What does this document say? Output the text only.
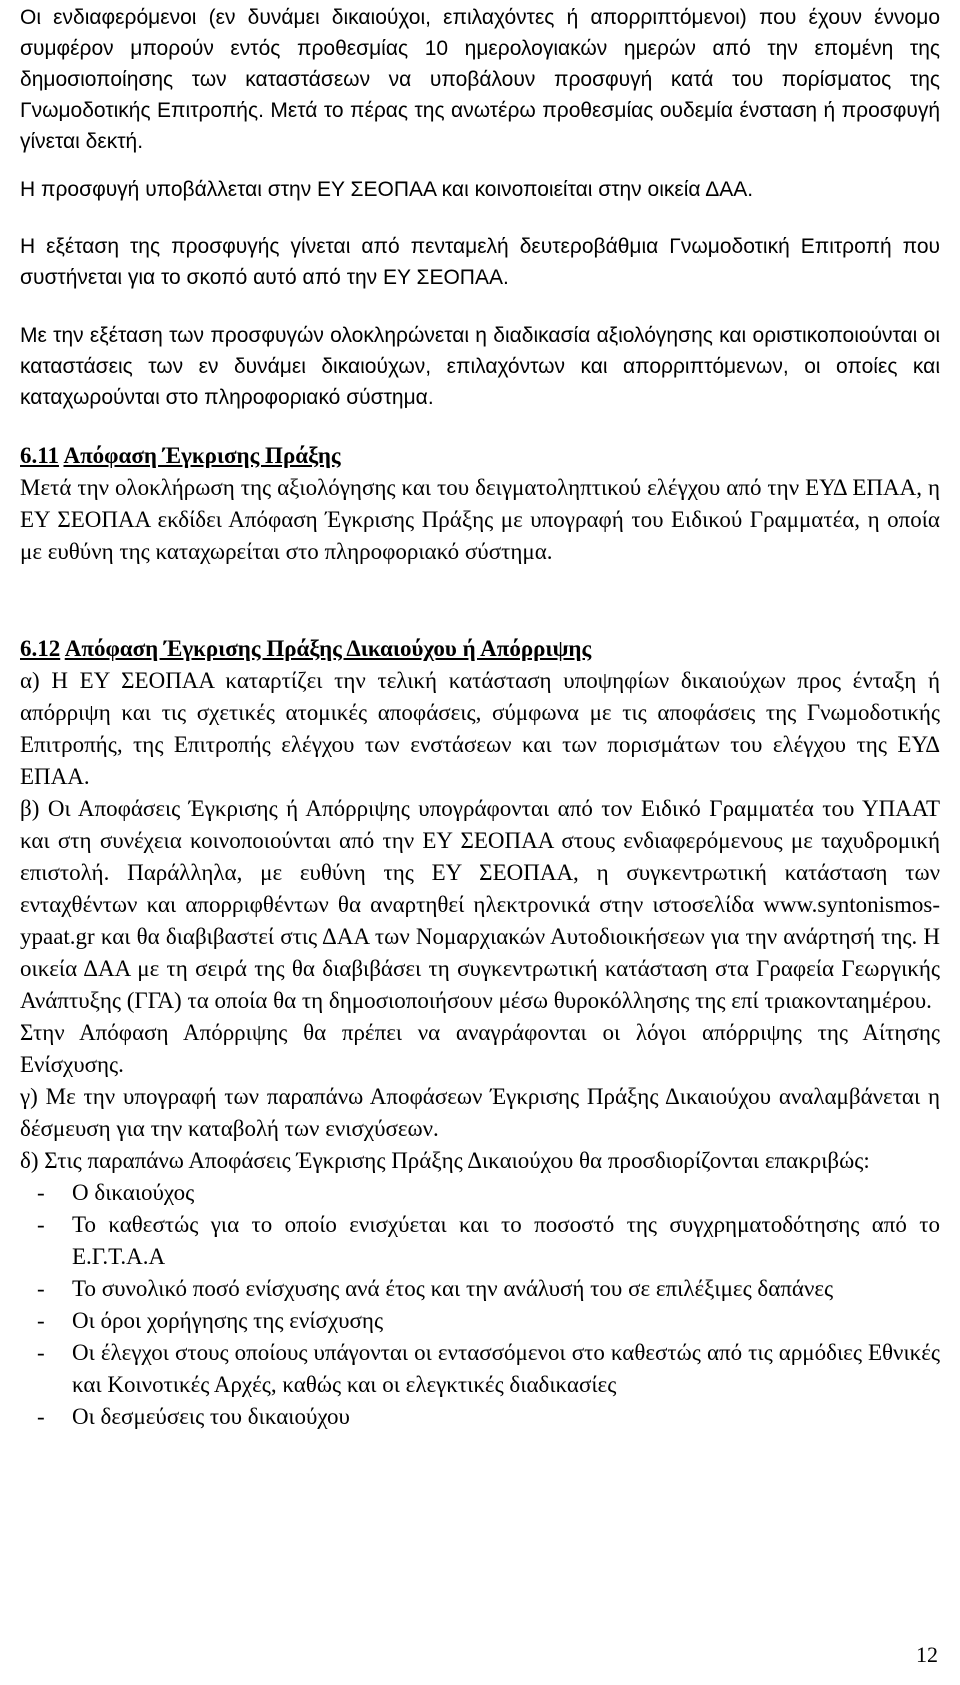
Οι ενδιαφερόμενοι (εν δυνάμει δικαιούχοι, επιλαχόντες ή απορριπτόμενοι) που έχουν έννομο συμφέρον μπορούν εντός προθεσμίας 10 ημερολογιακών ημερών από την επομένη της δημοσιοποίησης των καταστάσεων να υποβάλουν προσφυγή κατά του πορίσματος της Γνωμοδοτικής Επιτροπής. Μετά το πέρας της ανωτέρω προθεσμίας ουδεμία ένσταση ή προσφυγή γίνεται δεκτή.

Η προσφυγή υποβάλλεται στην ΕΥ ΣΕΟΠΑΑ και κοινοποιείται στην οικεία ΔΑΑ.

Η εξέταση της προσφυγής γίνεται από πενταμελή δευτεροβάθμια Γνωμοδοτική Επιτροπή που συστήνεται για το σκοπό αυτό από την ΕΥ ΣΕΟΠΑΑ.

Με την εξέταση των προσφυγών ολοκληρώνεται η διαδικασία αξιολόγησης και οριστικοποιούνται οι καταστάσεις των εν δυνάμει δικαιούχων, επιλαχόντων και απορριπτόμενων, οι οποίες και καταχωρούνται στο πληροφοριακό σύστημα.

6.11 Απόφαση Έγκρισης Πράξης

Μετά την ολοκλήρωση της αξιολόγησης και του δειγματοληπτικού ελέγχου από την ΕΥΔ ΕΠΑΑ, η ΕΥ ΣΕΟΠΑΑ εκδίδει Απόφαση Έγκρισης Πράξης με υπογραφή του Ειδικού Γραμματέα, η οποία με ευθύνη της καταχωρείται στο πληροφοριακό σύστημα.

6.12 Απόφαση Έγκρισης Πράξης Δικαιούχου ή Απόρριψης

α) Η ΕΥ ΣΕΟΠΑΑ καταρτίζει την τελική κατάσταση υποψηφίων δικαιούχων προς ένταξη ή απόρριψη και τις σχετικές ατομικές αποφάσεις, σύμφωνα με τις αποφάσεις της Γνωμοδοτικής Επιτροπής, της Επιτροπής ελέγχου των ενστάσεων και των πορισμάτων του ελέγχου της ΕΥΔ ΕΠΑΑ.

β) Οι Αποφάσεις Έγκρισης ή Απόρριψης υπογράφονται από τον Ειδικό Γραμματέα του ΥΠΑΑΤ και στη συνέχεια κοινοποιούνται από την ΕΥ ΣΕΟΠΑΑ στους ενδιαφερόμενους με ταχυδρομική επιστολή. Παράλληλα, με ευθύνη της ΕΥ ΣΕΟΠΑΑ, η συγκεντρωτική κατάσταση των ενταχθέντων και απορριφθέντων θα αναρτηθεί ηλεκτρονικά στην ιστοσελίδα www.syntonismos-ypaat.gr και θα διαβιβαστεί στις ΔΑΑ των Νομαρχιακών Αυτοδιοικήσεων για την ανάρτησή της. Η οικεία ΔΑΑ με τη σειρά της θα διαβιβάσει τη συγκεντρωτική κατάσταση στα Γραφεία Γεωργικής Ανάπτυξης (ΓΓΑ) τα οποία θα τη δημοσιοποιήσουν μέσω θυροκόλλησης της επί τριακονταημέρου.

Στην Απόφαση Απόρριψης θα πρέπει να αναγράφονται οι λόγοι απόρριψης της Αίτησης Ενίσχυσης.

γ) Με την υπογραφή των παραπάνω Αποφάσεων Έγκρισης Πράξης Δικαιούχου αναλαμβάνεται η δέσμευση για την καταβολή των ενισχύσεων.

δ) Στις παραπάνω Αποφάσεις Έγκρισης Πράξης Δικαιούχου θα προσδιορίζονται επακριβώς:

- Ο δικαιούχος
- Το καθεστώς για το οποίο ενισχύεται και το ποσοστό της συγχρηματοδότησης από το Ε.Γ.Τ.Α.Α
- Το συνολικό ποσό ενίσχυσης ανά έτος και την ανάλυσή του σε επιλέξιμες δαπάνες
- Οι όροι χορήγησης της ενίσχυσης
- Οι έλεγχοι στους οποίους υπάγονται οι εντασσόμενοι στο καθεστώς από τις αρμόδιες Εθνικές και Κοινοτικές Αρχές, καθώς και οι ελεγκτικές διαδικασίες
- Οι δεσμεύσεις του δικαιούχου
12
